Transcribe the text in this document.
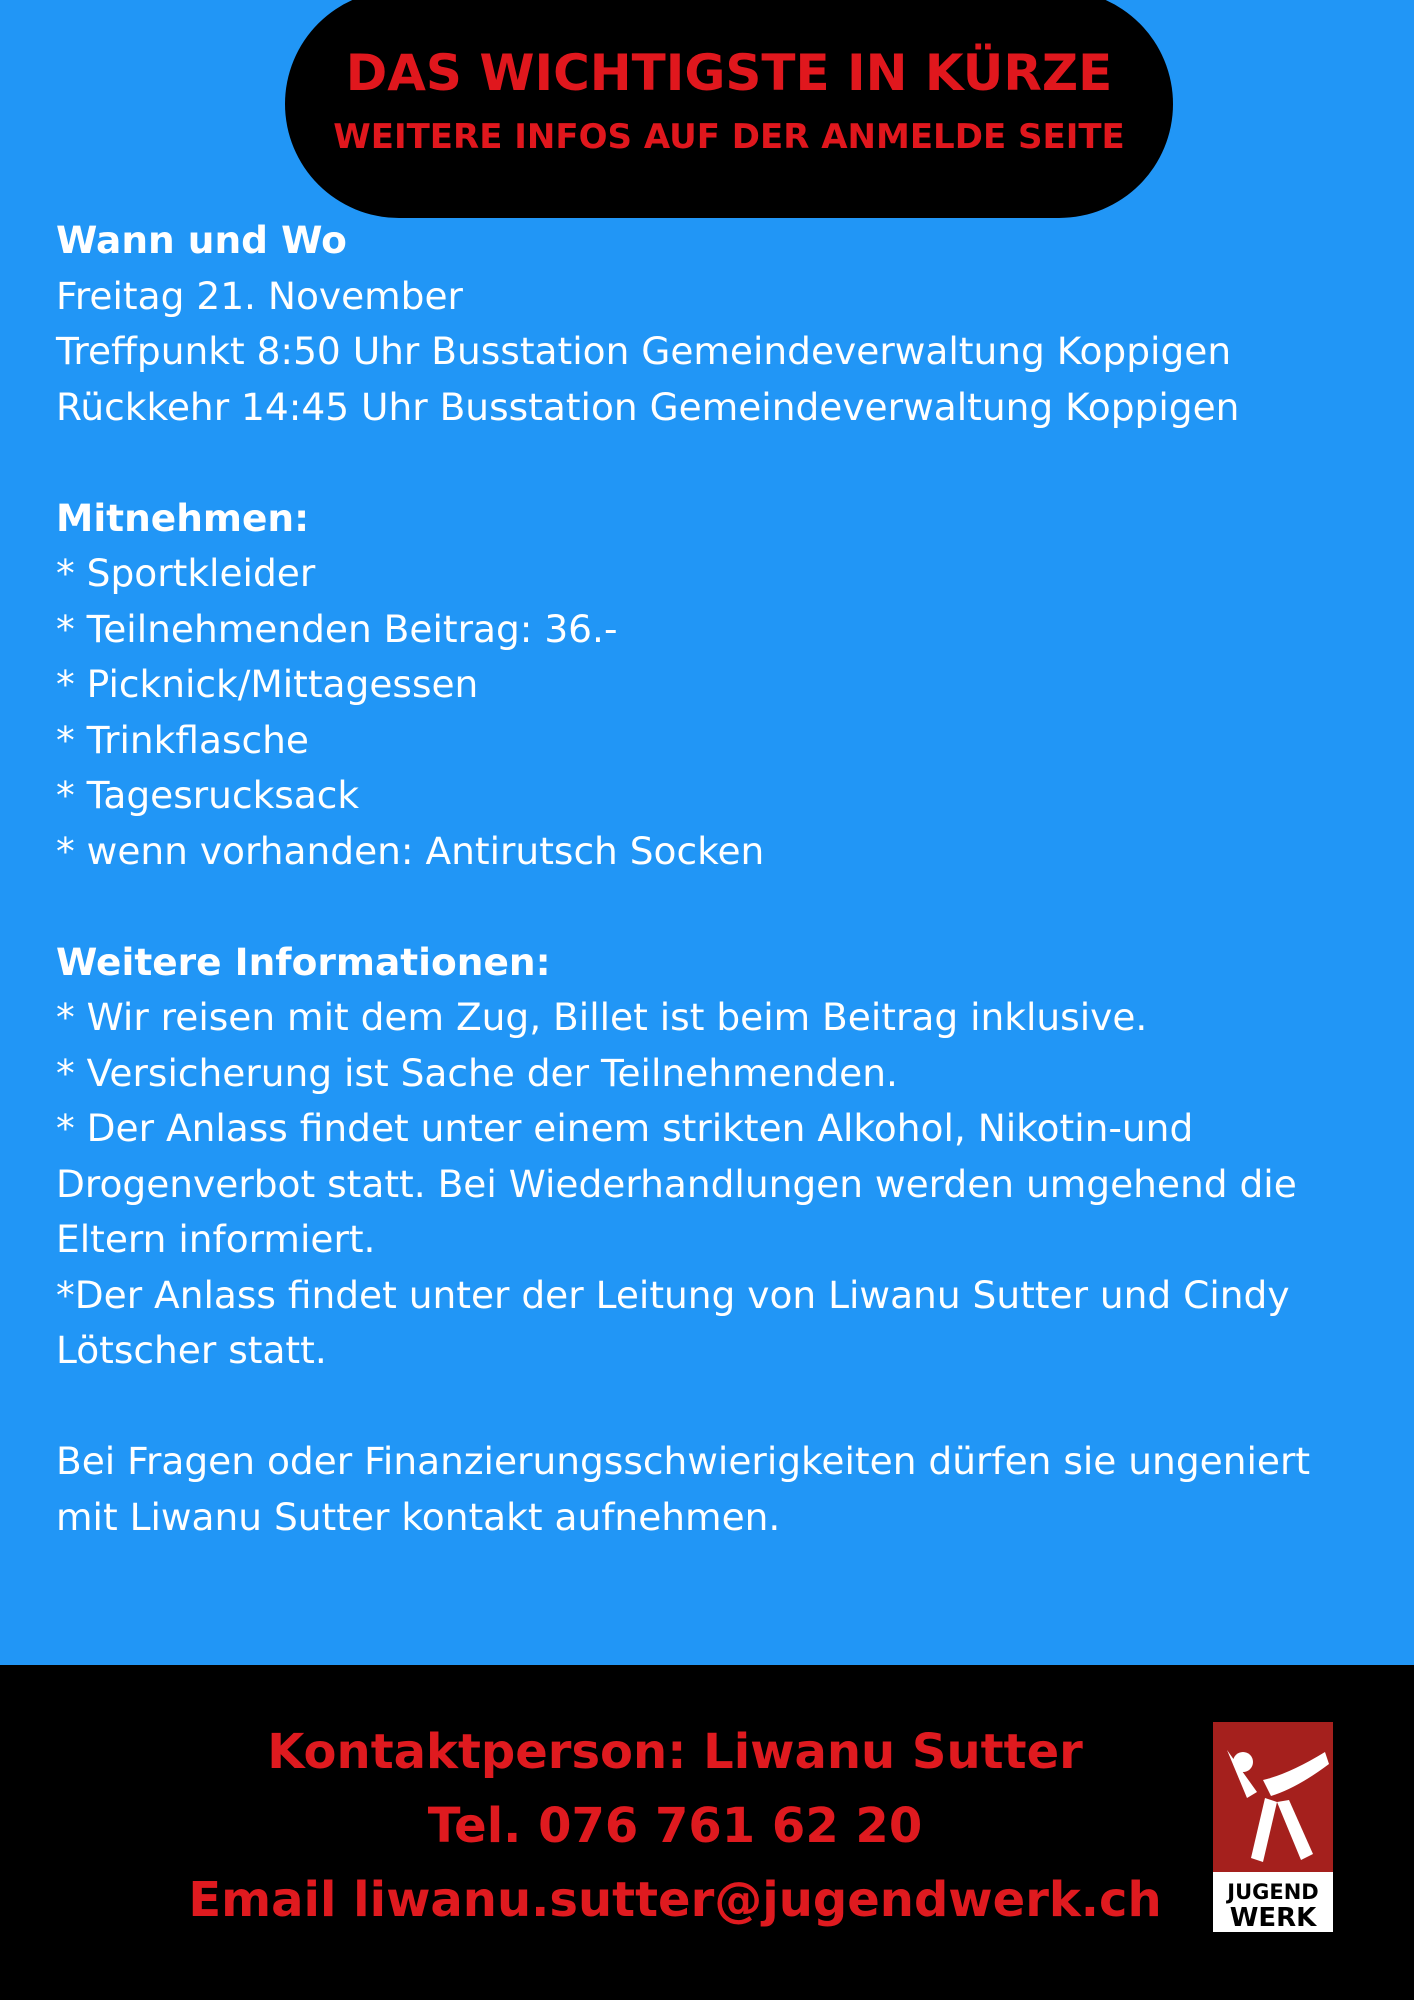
DAS WICHTIGSTE IN KÜRZE
WEITERE INFOS AUF DER ANMELDE SEITE
Wann und Wo
Freitag 21. November
Treffpunkt 8:50 Uhr Busstation Gemeindeverwaltung Koppigen
Rückkehr 14:45 Uhr Busstation Gemeindeverwaltung Koppigen
Mitnehmen:
* Sportkleider
* Teilnehmenden Beitrag: 36.-
* Picknick/Mittagessen
* Trinkflasche
* Tagesrucksack
* wenn vorhanden: Antirutsch Socken
Weitere Informationen:
* Wir reisen mit dem Zug, Billet ist beim Beitrag inklusive.
* Versicherung ist Sache der Teilnehmenden.
* Der Anlass findet unter einem strikten Alkohol, Nikotin-und Drogenverbot statt. Bei Wiederhandlungen werden umgehend die Eltern informiert.
*Der Anlass findet unter der Leitung von Liwanu Sutter und Cindy Lötscher statt.
Bei Fragen oder Finanzierungsschwierigkeiten dürfen sie ungeniert mit Liwanu Sutter kontakt aufnehmen.
Kontaktperson: Liwanu Sutter
Tel. 076 761 62 20
Email liwanu.sutter@jugendwerk.ch	JUGEND
WERK
